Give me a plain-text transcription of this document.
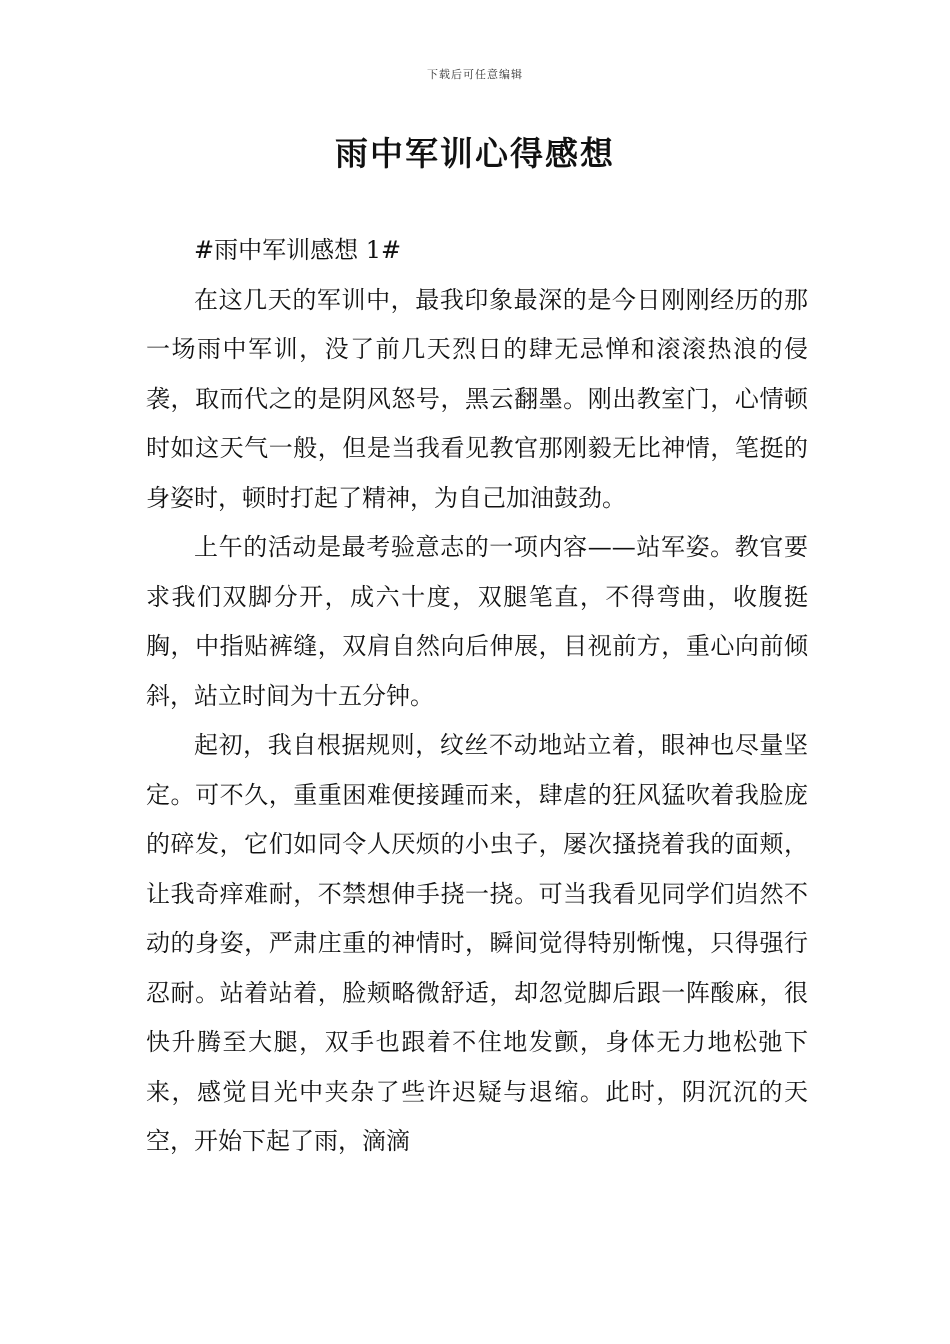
下载后可任意编辑
雨中军训心得感想

#雨中军训感想 1#

在这几天的军训中，最我印象最深的是今日刚刚经历的那一场雨中军训，没了前几天烈日的肆无忌惮和滚滚热浪的侵袭，取而代之的是阴风怒号，黑云翻墨。刚出教室门，心情顿时如这天气一般，但是当我看见教官那刚毅无比神情，笔挺的身姿时，顿时打起了精神，为自己加油鼓劲。

上午的活动是最考验意志的一项内容——站军姿。教官要求我们双脚分开，成六十度，双腿笔直，不得弯曲，收腹挺胸，中指贴裤缝，双肩自然向后伸展，目视前方，重心向前倾斜，站立时间为十五分钟。

起初，我自根据规则，纹丝不动地站立着，眼神也尽量坚定。可不久，重重困难便接踵而来，肆虐的狂风猛吹着我脸庞的碎发，它们如同令人厌烦的小虫子，屡次搔挠着我的面颊，让我奇痒难耐，不禁想伸手挠一挠。可当我看见同学们岿然不动的身姿，严肃庄重的神情时，瞬间觉得特别惭愧，只得强行忍耐。站着站着，脸颊略微舒适，却忽觉脚后跟一阵酸麻，很快升腾至大腿，双手也跟着不住地发颤，身体无力地松弛下来，感觉目光中夹杂了些许迟疑与退缩。此时，阴沉沉的天空，开始下起了雨，滴滴
